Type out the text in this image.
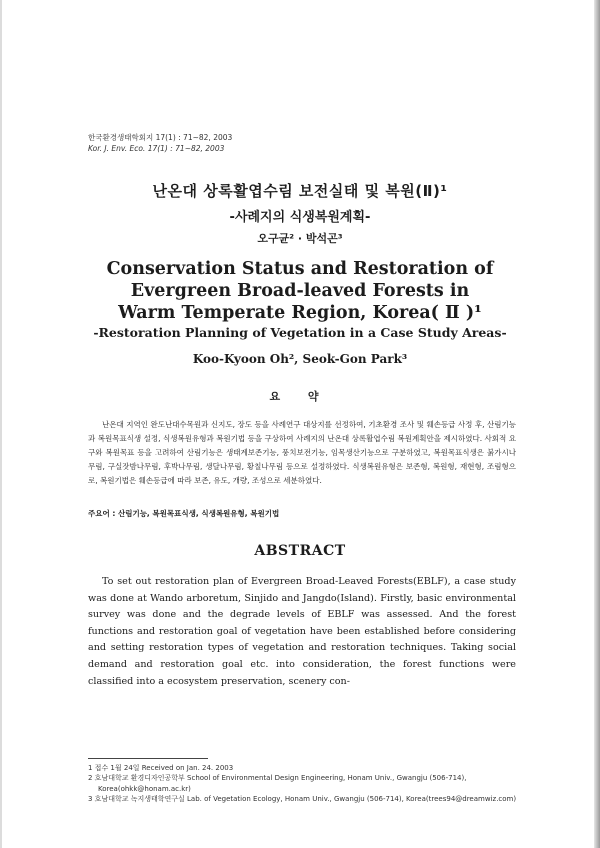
한국환경생태학회지 17(1) : 71~82, 2003
Kor. J. Env. Eco. 17(1) : 71~82, 2003
난온대 상록활엽수림 보전실태 및 복원(Ⅱ)¹
-사례지의 식생복원계획-
오구균² · 박석곤³
Conservation Status and Restoration of
Evergreen Broad-leaved Forests in
Warm Temperate Region, Korea( Ⅱ )¹
-Restoration Planning of Vegetation in a Case Study Areas-
Koo-Kyoon Oh², Seok-Gon Park³
요 약
난온대 지역인 완도난대수목원과 신지도, 장도 등을 사례연구 대상지를 선정하여, 기초환경 조사 및 훼손등급 사정 후, 산림기능과 복원목표식생 설정, 식생복원유형과 복원기법 등을 구상하여 사례지의 난온대 상록활엽수림 복원계획안을 제시하였다. 사회적 요구와 복원목표 등을 고려하여 산림기능은 생태계보존기능, 풍치보전기능, 임목생산기능으로 구분하였고, 복원목표식생은 붉가시나무림, 구실잣밤나무림, 후박나무림, 생달나무림, 황칠나무림 등으로 설정하였다. 식생복원유형은 보존형, 복원형, 재현형, 조림형으로, 복원기법은 훼손등급에 따라 보존, 유도, 개량, 조성으로 세분하였다.
주요어 : 산림기능, 복원목표식생, 식생복원유형, 복원기법
ABSTRACT
To set out restoration plan of Evergreen Broad-Leaved Forests(EBLF), a case study was done at Wando arboretum, Sinjido and Jangdo(Island). Firstly, basic environmental survey was done and the degrade levels of EBLF was assessed. And the forest functions and restoration goal of vegetation have been established before considering and setting restoration types of vegetation and restoration techniques. Taking social demand and restoration goal etc. into consideration, the forest functions were classified into a ecosystem preservation, scenery con-
1 접수 1월 24일 Received on Jan. 24. 2003
2 호남대학교 환경디자인공학부 School of Environmental Design Engineering, Honam Univ., Gwangju (506-714), Korea(ohkk@honam.ac.kr)
3 호남대학교 녹지생태학연구실 Lab. of Vegetation Ecology, Honam Univ., Gwangju (506-714), Korea(trees94@dreamwiz.com)
